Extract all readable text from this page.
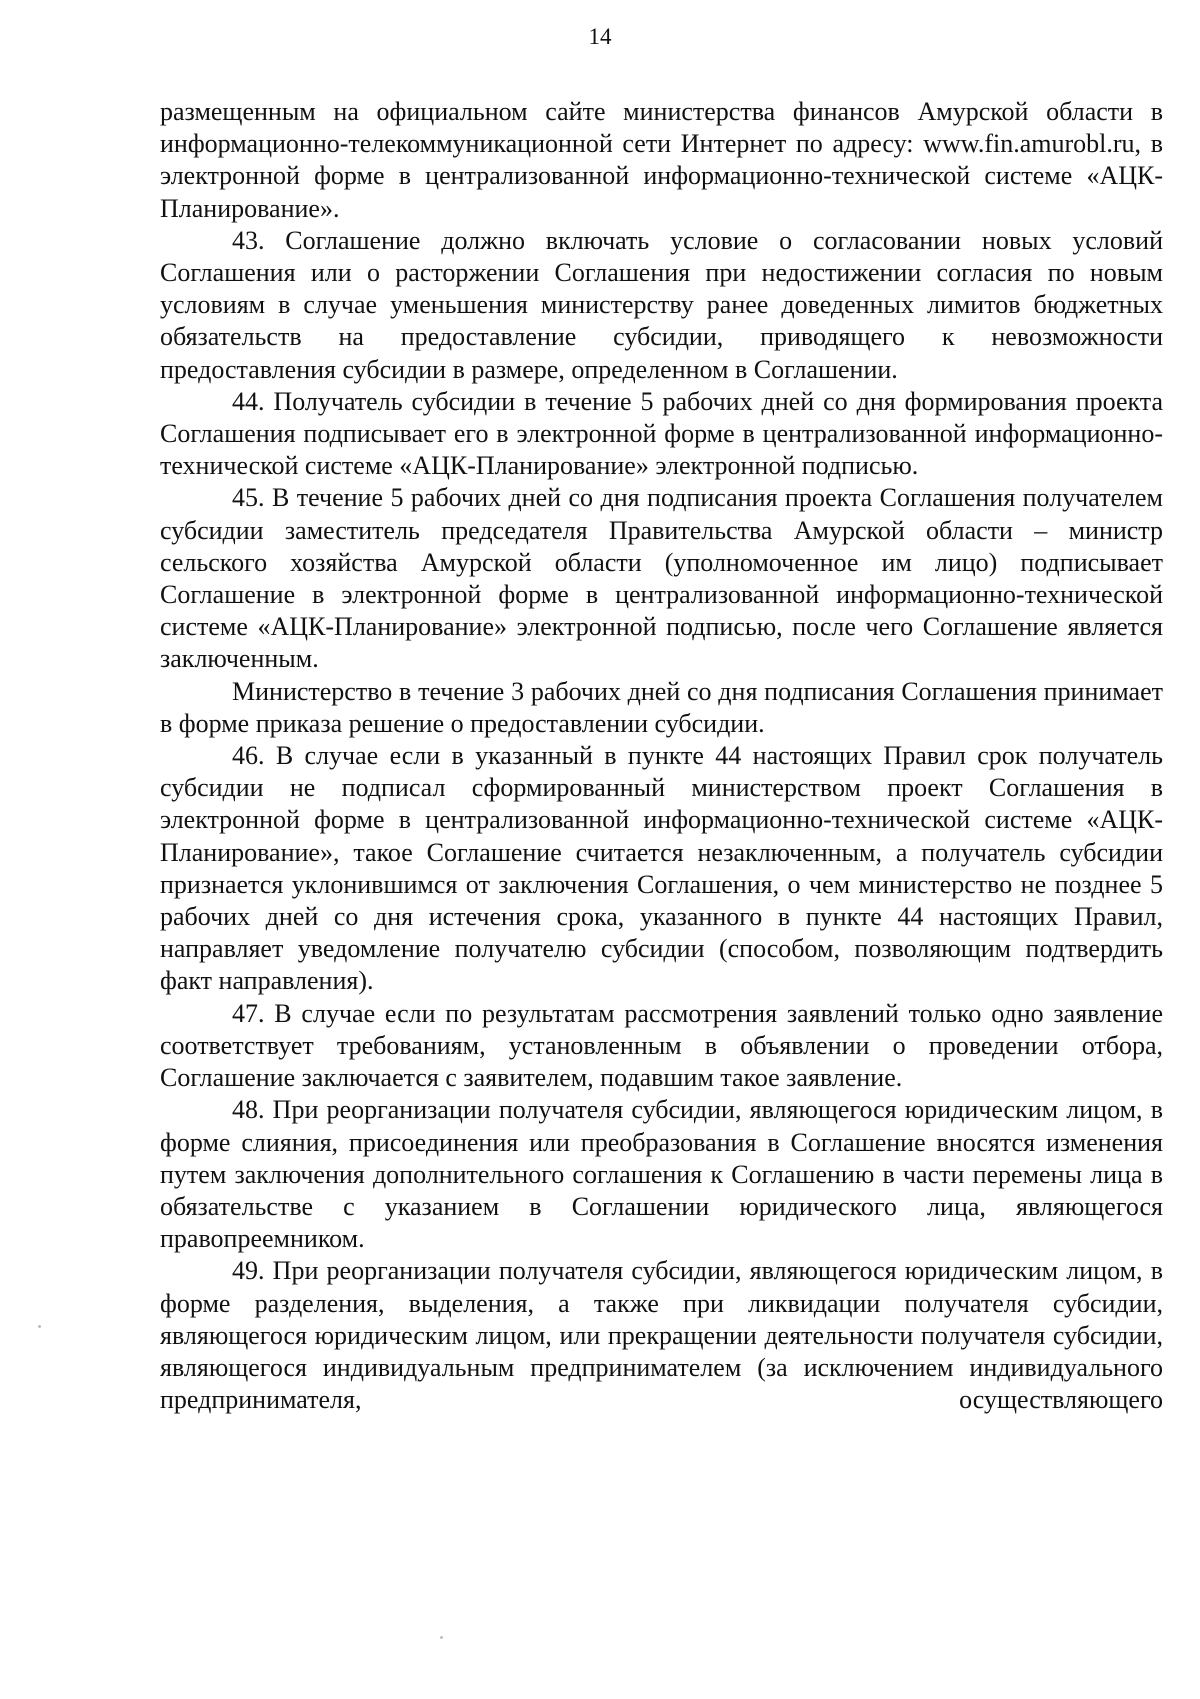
14

размещенным на официальном сайте министерства финансов Амурской области в информационно-телекоммуникационной сети Интернет по адресу: www.fin.amurobl.ru, в электронной форме в централизованной информационно-технической системе «АЦК-Планирование».

43. Соглашение должно включать условие о согласовании новых условий Соглашения или о расторжении Соглашения при недостижении согласия по новым условиям в случае уменьшения министерству ранее доведенных лимитов бюджетных обязательств на предоставление субсидии, приводящего к невозможности предоставления субсидии в размере, определенном в Соглашении.

44. Получатель субсидии в течение 5 рабочих дней со дня формирования проекта Соглашения подписывает его в электронной форме в централизованной информационно-технической системе «АЦК-Планирование» электронной подписью.

45. В течение 5 рабочих дней со дня подписания проекта Соглашения получателем субсидии заместитель председателя Правительства Амурской области – министр сельского хозяйства Амурской области (уполномоченное им лицо) подписывает Соглашение в электронной форме в централизованной информационно-технической системе «АЦК-Планирование» электронной подписью, после чего Соглашение является заключенным.

Министерство в течение 3 рабочих дней со дня подписания Соглашения принимает в форме приказа решение о предоставлении субсидии.

46. В случае если в указанный в пункте 44 настоящих Правил срок получатель субсидии не подписал сформированный министерством проект Соглашения в электронной форме в централизованной информационно-технической системе «АЦК-Планирование», такое Соглашение считается незаключенным, а получатель субсидии признается уклонившимся от заключения Соглашения, о чем министерство не позднее 5 рабочих дней со дня истечения срока, указанного в пункте 44 настоящих Правил, направляет уведомление получателю субсидии (способом, позволяющим подтвердить факт направления).

47. В случае если по результатам рассмотрения заявлений только одно заявление соответствует требованиям, установленным в объявлении о проведении отбора, Соглашение заключается с заявителем, подавшим такое заявление.

48. При реорганизации получателя субсидии, являющегося юридическим лицом, в форме слияния, присоединения или преобразования в Соглашение вносятся изменения путем заключения дополнительного соглашения к Соглашению в части перемены лица в обязательстве с указанием в Соглашении юридического лица, являющегося правопреемником.

49. При реорганизации получателя субсидии, являющегося юридическим лицом, в форме разделения, выделения, а также при ликвидации получателя субсидии, являющегося юридическим лицом, или прекращении деятельности получателя субсидии, являющегося индивидуальным предпринимателем (за исключением индивидуального предпринимателя, осуществляющего
